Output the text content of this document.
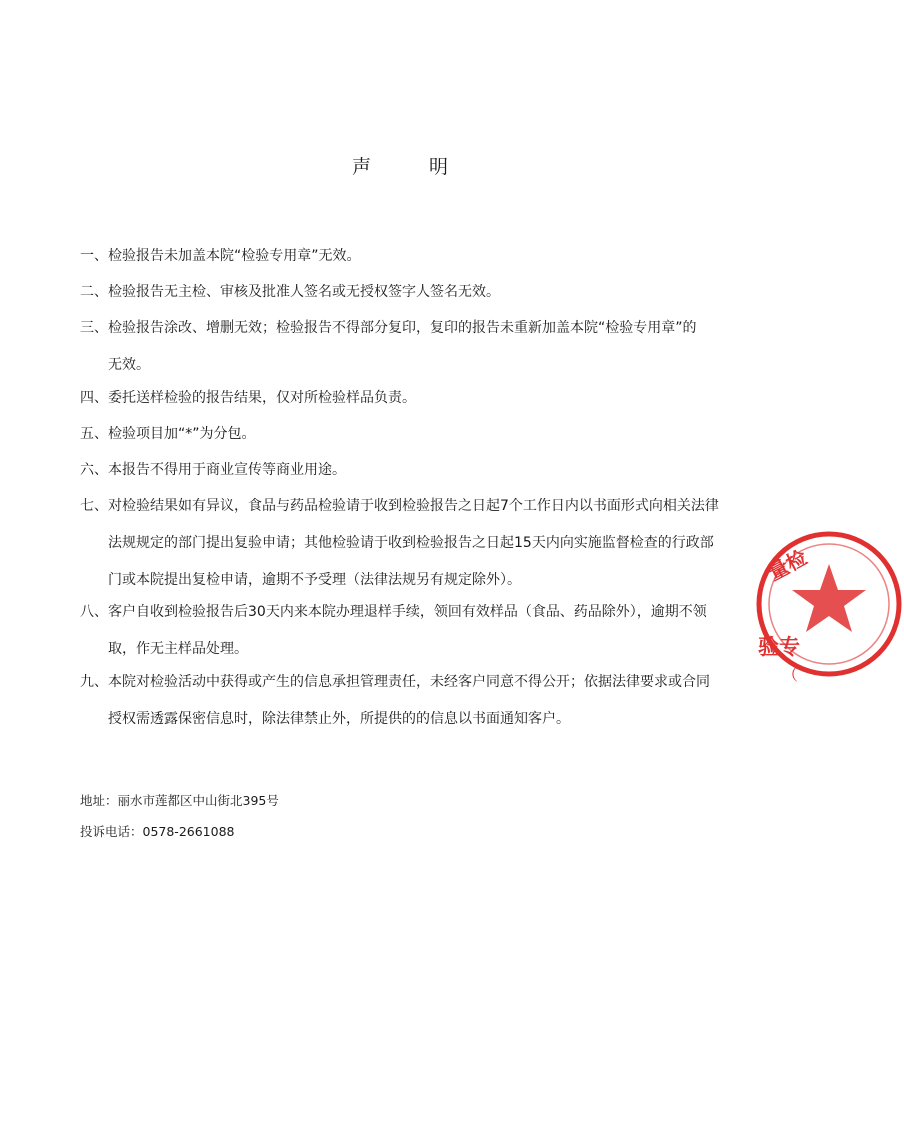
声 明
一、检验报告未加盖本院“检验专用章”无效。
二、检验报告无主检、审核及批准人签名或无授权签字人签名无效。
三、检验报告涂改、增删无效；检验报告不得部分复印，复印的报告未重新加盖本院“检验专用章”的
无效。
四、委托送样检验的报告结果，仅对所检验样品负责。
五、检验项目加“*”为分包。
六、本报告不得用于商业宣传等商业用途。
七、对检验结果如有异议，食品与药品检验请于收到检验报告之日起7个工作日内以书面形式向相关法律
法规规定的部门提出复验申请；其他检验请于收到检验报告之日起15天内向实施监督检查的行政部
门或本院提出复检申请，逾期不予受理（法律法规另有规定除外）。
八、客户自收到检验报告后30天内来本院办理退样手续，领回有效样品（食品、药品除外），逾期不领
取，作无主样品处理。
九、本院对检验活动中获得或产生的信息承担管理责任，未经客户同意不得公开；依据法律要求或合同
授权需透露保密信息时，除法律禁止外，所提供的的信息以书面通知客户。
地址：丽水市莲都区中山街北395号
投诉电话：0578-2661088
量检
验专
（
